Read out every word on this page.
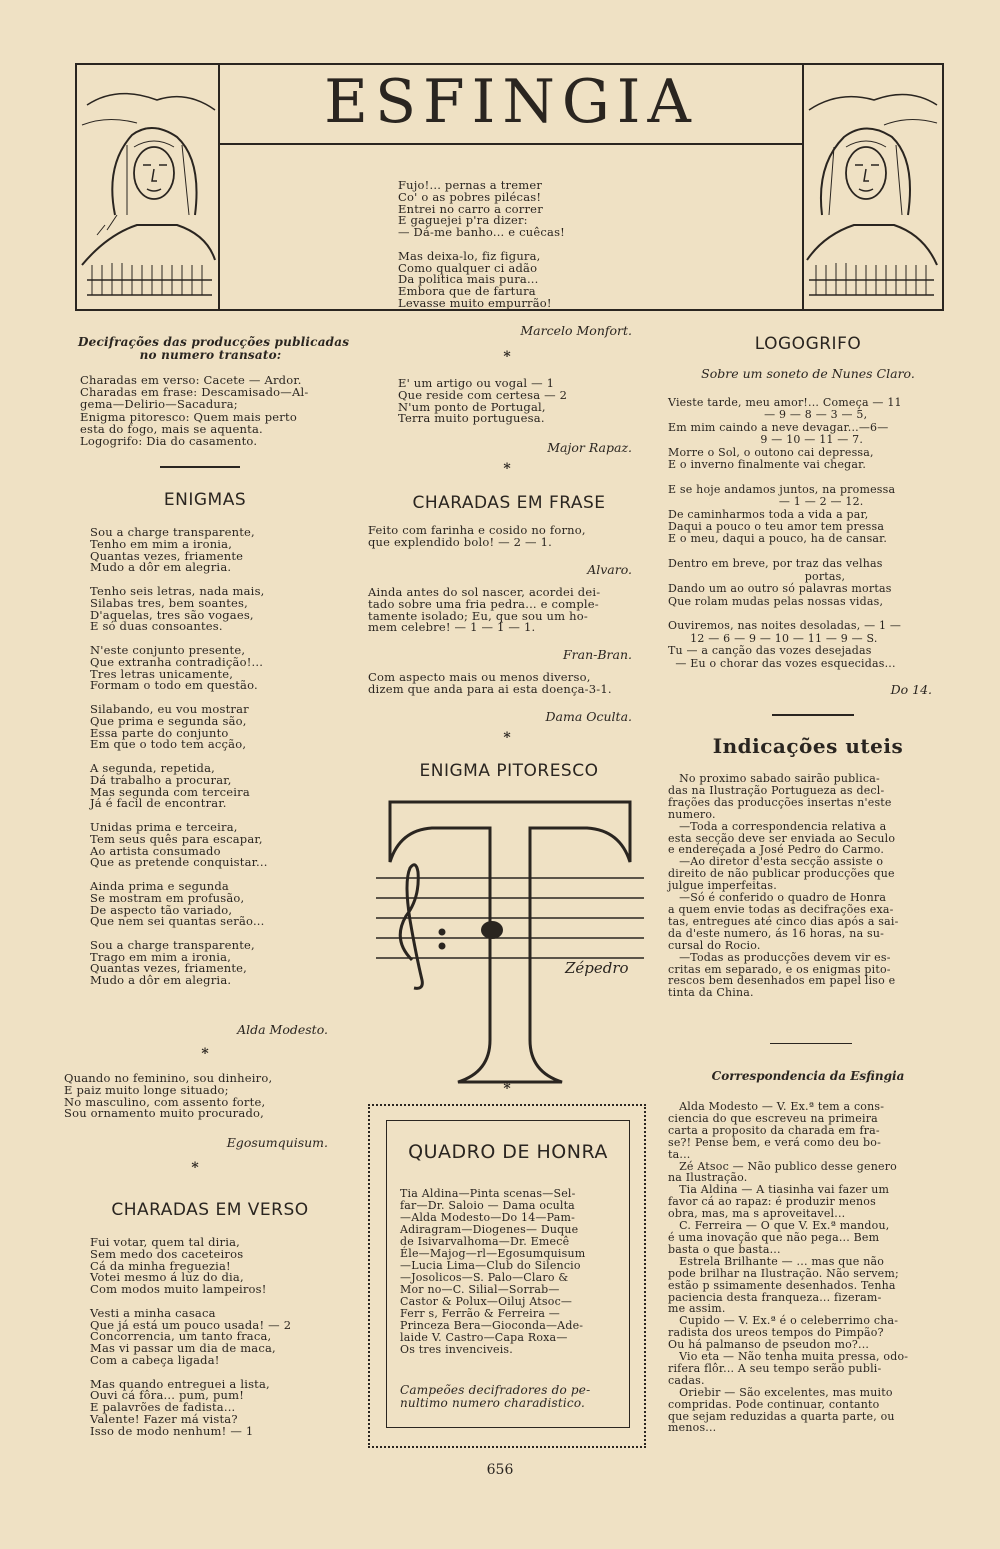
ESFINGIA
Decifrações das producções publicadas
no numero transato:
Charadas em verso: Cacete — Ardor.
Charadas em frase: Descamisado—Al-
gema—Delirio—Sacadura;
Enigma pitoresco: Quem mais perto
esta do fogo, mais se aquenta.
Logogrifo: Dia do casamento.
ENIGMAS
Sou a charge transparente,
Tenho em mim a ironia,
Quantas vezes, friamente
Mudo a dôr em alegria.

Tenho seis letras, nada mais,
Silabas tres, bem soantes,
D'aquelas, tres são vogaes,
E só duas consoantes.

N'este conjunto presente,
Que extranha contradição!...
Tres letras unicamente,
Formam o todo em questão.

Silabando, eu vou mostrar
Que prima e segunda são,
Essa parte do conjunto
Em que o todo tem acção,

A segunda, repetida,
Dá trabalho a procurar,
Mas segunda com terceira
Já é facil de encontrar.

Unidas prima e terceira,
Tem seus quês para escapar,
Ao artista consumado
Que as pretende conquistar...

Ainda prima e segunda
Se mostram em profusão,
De aspecto tão variado,
Que nem sei quantas serão...

Sou a charge transparente,
Trago em mim a ironia,
Quantas vezes, friamente,
Mudo a dôr em alegria.
Alda Modesto.
*
Quando no feminino, sou dinheiro,
E paiz muito longe situado;
No masculino, com assento forte,
Sou ornamento muito procurado,
Egosumquisum.
*
CHARADAS EM VERSO
Fui votar, quem tal diria,
Sem medo dos caceteiros
Cá da minha freguezia!
Votei mesmo á luz do dia,
Com modos muito lampeiros!

Vesti a minha casaca
Que já está um pouco usada! — 2
Concorrencia, um tanto fraca,
Mas vi passar um dia de maca,
Com a cabeça ligada!

Mas quando entreguei a lista,
Ouvi cá fôra... pum, pum!
E palavrões de fadista...
Valente! Fazer má vista?
Isso de modo nenhum! — 1
Fujo!... pernas a tremer
Co' o as pobres pilécas!
Entrei no carro a correr
E gaguejei p'ra dizer:
— Dá-me banho... e cuêcas!

Mas deixa-lo, fiz figura,
Como qualquer ci adão
Da politica mais pura...
Embora que de fartura
Levasse muito empurrão!
Marcelo Monfort.
*
E' um artigo ou vogal — 1
Que reside com certesa — 2
N'um ponto de Portugal,
Terra muito portuguesa.
Major Rapaz.
*
CHARADAS EM FRASE
Feito com farinha e cosido no forno,
que explendido bolo! — 2 — 1.
Alvaro.
Ainda antes do sol nascer, acordei dei-
tado sobre uma fria pedra... e comple-
tamente isolado; Eu, que sou um ho-
mem celebre! — 1 — 1 — 1.
Fran-Bran.
Com aspecto mais ou menos diverso,
dizem que anda para ai esta doença-3-1.
Dama Oculta.
*
ENIGMA PITORESCO
Zépedro
*
QUADRO DE HONRA
Tia Aldina—Pinta scenas—Sel-
far—Dr. Saloio — Dama oculta
—Alda Modesto—Do 14—Pam-
Adiragram—Diogenes— Duque
de Isivarvalhoma—Dr. Emecê
Éle—Majog—rl—Egosumquisum
—Lucia Lima—Club do Silencio
—Josolicos—S. Palo—Claro &
Mor no—C. Silial—Sorrab—
Castor & Polux—Oiluj Atsoc—
Ferr s, Ferrão & Ferreira —
Princeza Bera—Gioconda—Ade-
laide V. Castro—Capa Roxa—
Os tres invenciveis.
Campeões decifradores do pe-
nultimo numero charadistico.
656
LOGOGRIFO
Sobre um soneto de Nunes Claro.
Vieste tarde, meu amor!... Começa — 11
— 9 — 8 — 3 — 5,
Em mim caindo a neve devagar...—6—
9 — 10 — 11 — 7.
Morre o Sol, o outono cai depressa,
E o inverno finalmente vai chegar.

E se hoje andamos juntos, na promessa
— 1 — 2 — 12.
De caminharmos toda a vida a par,
Daqui a pouco o teu amor tem pressa
E o meu, daqui a pouco, ha de cansar.

Dentro em breve, por traz das velhas
portas,
Dando um ao outro só palavras mortas
Que rolam mudas pelas nossas vidas,

Ouviremos, nas noites desoladas, — 1 —
12 — 6 — 9 — 10 — 11 — 9 — S.
Tu — a canção das vozes desejadas
— Eu o chorar das vozes esquecidas...
Do 14.
Indicações uteis
No proximo sabado sairão publica-
das na Ilustração Portugueza as decl-
frações das producções insertas n'este
numero.
—Toda a correspondencia relativa a
esta secção deve ser enviada ao Seculo
e endereçada a José Pedro do Carmo.
—Ao diretor d'esta secção assiste o
direito de não publicar producções que
julgue imperfeitas.
—Só é conferido o quadro de Honra
a quem envie todas as decifrações exa-
tas, entregues até cinco dias após a sai-
da d'este numero, ás 16 horas, na su-
cursal do Rocio.
—Todas as producções devem vir es-
critas em separado, e os enigmas pito-
rescos bem desenhados em papel liso e
tinta da China.
Correspondencia da Esfingia
Alda Modesto — V. Ex.ª tem a cons-
ciencia do que escreveu na primeira
carta a proposito da charada em fra-
se?! Pense bem, e verá como deu bo-
ta...
Zé Atsoc — Não publico desse genero
na Ilustração.
Tia Aldina — A tiasinha vai fazer um
favor cá ao rapaz: é produzir menos
obra, mas, ma s aproveitavel...
C. Ferreira — O que V. Ex.ª mandou,
é uma inovação que não pega... Bem
basta o que basta...
Estrela Brilhante — ... mas que não
pode brilhar na Ilustração. Não servem;
estão p ssimamente desenhados. Tenha
paciencia desta franqueza... fizeram-
me assim.
Cupido — V. Ex.ª é o celeberrimo cha-
radista dos ureos tempos do Pimpão?
Ou há palmanso de pseudon mo?...
Vio eta — Não tenha muita pressa, odo-
rifera flôr... A seu tempo serão publi-
cadas.
Oriebir — São excelentes, mas muito
compridas. Pode continuar, contanto
que sejam reduzidas a quarta parte, ou
menos...
